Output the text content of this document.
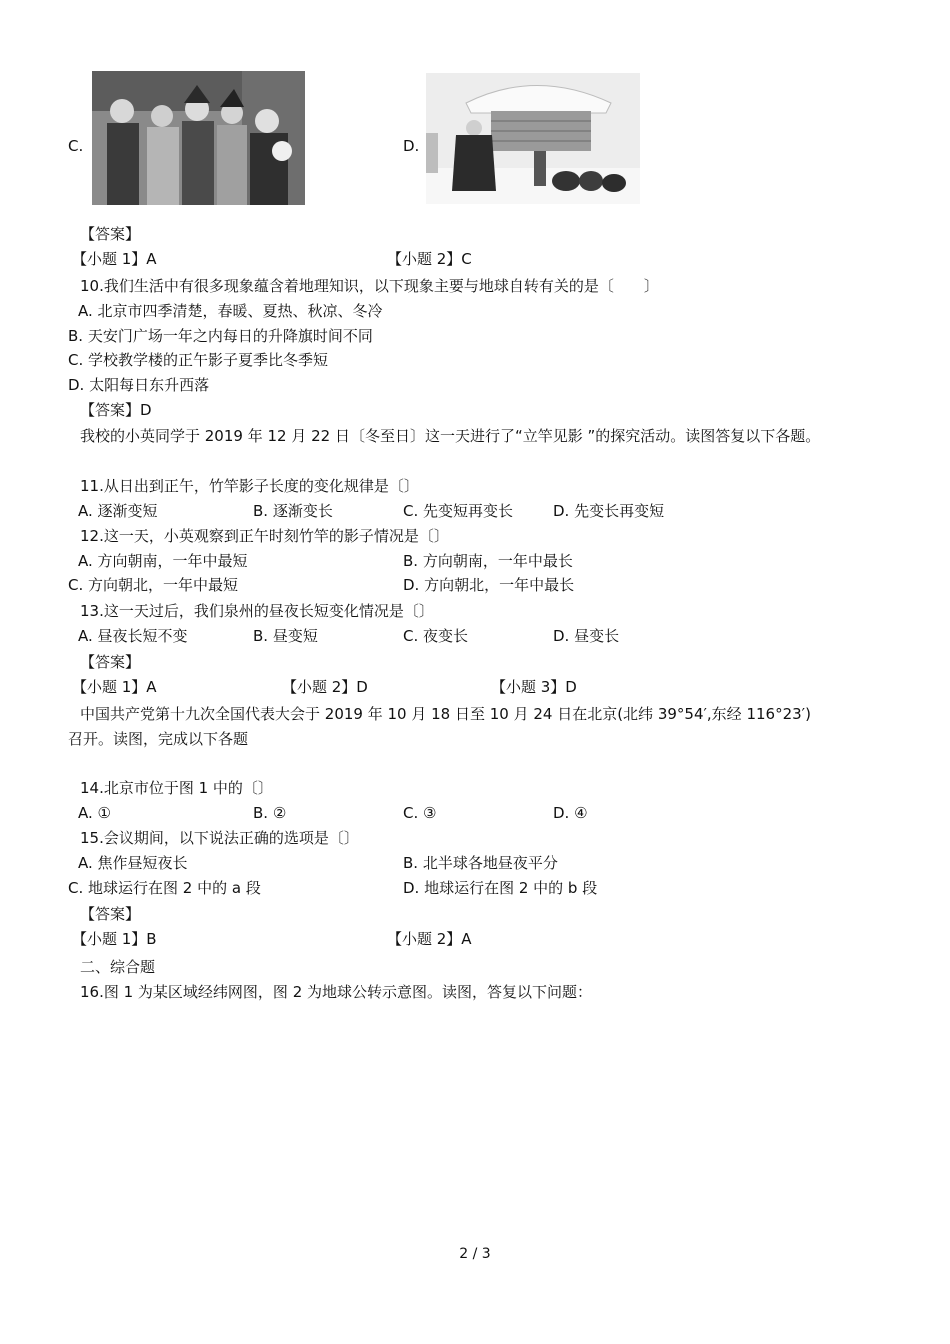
C.	D.
【答案】
【小题 1】A	【小题 2】C
10.我们生活中有很多现象蕴含着地理知识，以下现象主要与地球自转有关的是〔　　〕
A. 北京市四季清楚，春暖、夏热、秋凉、冬冷
B. 天安门广场一年之内每日的升降旗时间不同
C. 学校教学楼的正午影子夏季比冬季短
D. 太阳每日东升西落
【答案】D
我校的小英同学于 2019 年 12 月 22 日〔冬至日〕这一天进行了“立竿见影 ”的探究活动。读图答复以下各题。
11.从日出到正午，竹竿影子长度的变化规律是〔〕
A. 逐渐变短	B. 逐渐变长	C. 先变短再变长	D. 先变长再变短
12.这一天，小英观察到正午时刻竹竿的影子情况是〔〕
A. 方向朝南，一年中最短	B. 方向朝南，一年中最长
C. 方向朝北，一年中最短	D. 方向朝北，一年中最长
13.这一天过后，我们泉州的昼夜长短变化情况是〔〕
A. 昼夜长短不变	B. 昼变短	C. 夜变长	D. 昼变长
【答案】
【小题 1】A	【小题 2】D	【小题 3】D
中国共产党第十九次全国代表大会于 2019 年 10 月 18 日至 10 月 24 日在北京(北纬 39°54′,东经 116°23′)
召开。读图，完成以下各题
14.北京市位于图 1 中的〔〕
A. ①	B. ②	C. ③	D. ④
15.会议期间，以下说法正确的选项是〔〕
A. 焦作昼短夜长	B. 北半球各地昼夜平分
C. 地球运行在图 2 中的 a 段	D. 地球运行在图 2 中的 b 段
【答案】
【小题 1】B	【小题 2】A
二、综合题
16.图 1 为某区域经纬网图，图 2 为地球公转示意图。读图，答复以下问题：
2 / 3
